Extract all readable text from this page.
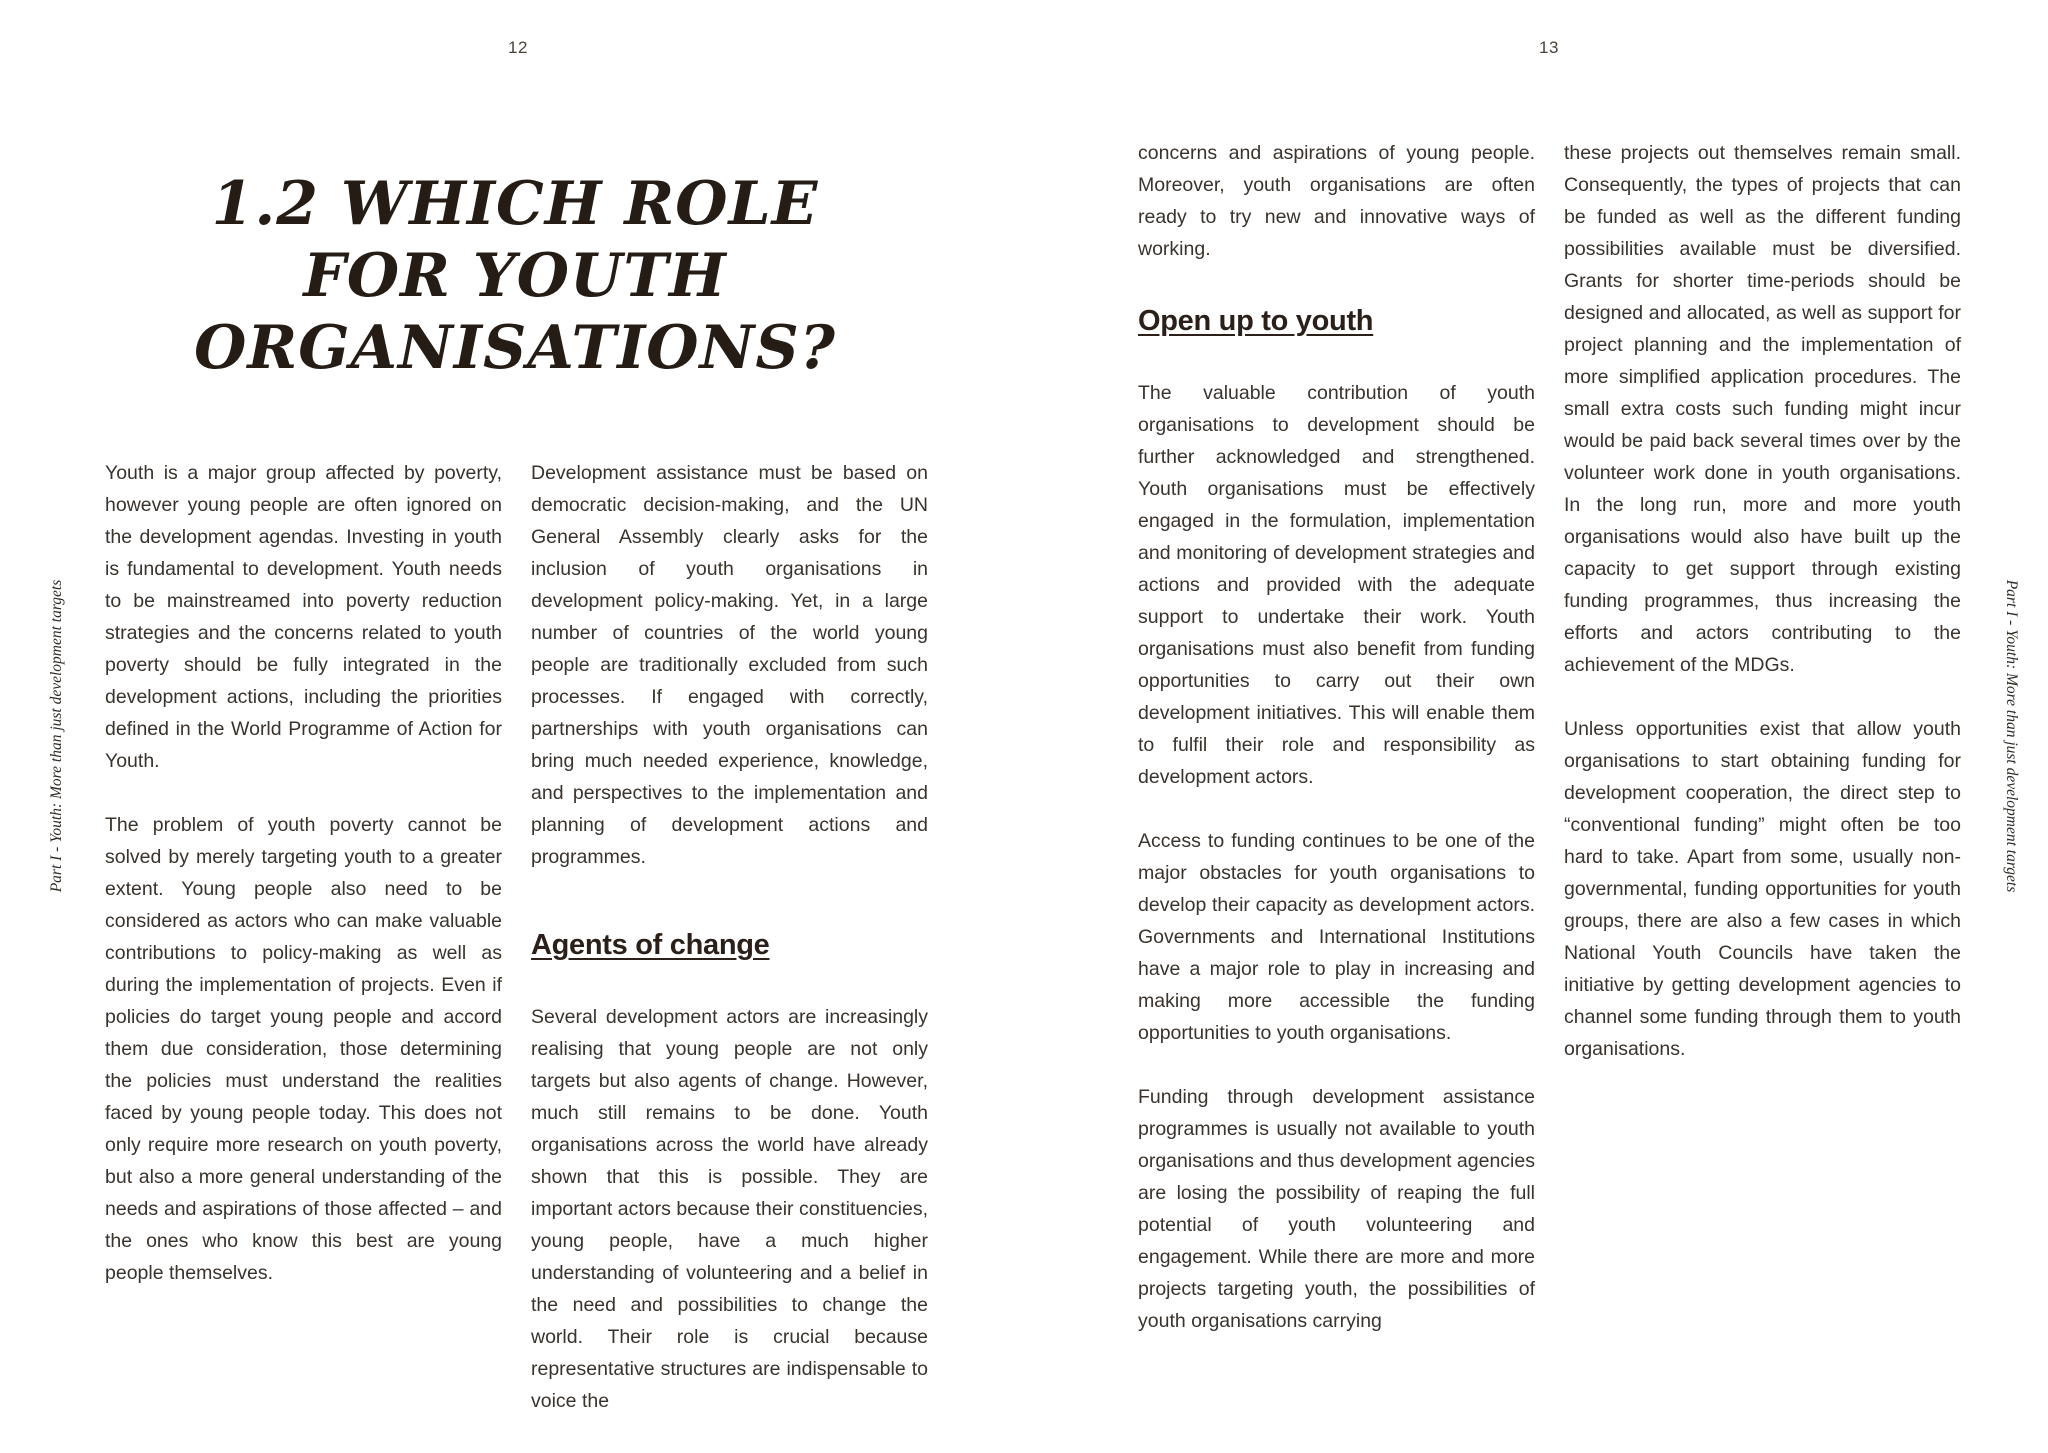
12
Part I - Youth: More than just development targets
1.2 WHICH ROLE FOR YOUTH ORGANISATIONS?

Youth is a major group affected by poverty, however young people are often ignored on the development agendas. Investing in youth is fundamental to development. Youth needs to be mainstreamed into poverty reduction strategies and the concerns related to youth poverty should be fully integrated in the development actions, including the priorities defined in the World Programme of Action for Youth.

The problem of youth poverty cannot be solved by merely targeting youth to a greater extent. Young people also need to be considered as actors who can make valuable contributions to policy-making as well as during the implementation of projects. Even if policies do target young people and accord them due consideration, those determining the policies must understand the realities faced by young people today. This does not only require more research on youth poverty, but also a more general understanding of the needs and aspirations of those affected – and the ones who know this best are young people themselves.

Development assistance must be based on democratic decision-making, and the UN General Assembly clearly asks for the inclusion of youth organisations in development policy-making. Yet, in a large number of countries of the world young people are traditionally excluded from such processes. If engaged with correctly, partnerships with youth organisations can bring much needed experience, knowledge, and perspectives to the implementation and planning of development actions and programmes.

Agents of change

Several development actors are increasingly realising that young people are not only targets but also agents of change. However, much still remains to be done. Youth organisations across the world have already shown that this is possible. They are important actors because their constituencies, young people, have a much higher understanding of volunteering and a belief in the need and possibilities to change the world. Their role is crucial because representative structures are indispensable to voice the

13
Part I - Youth: More than just development targets

concerns and aspirations of young people. Moreover, youth organisations are often ready to try new and innovative ways of working.

Open up to youth

The valuable contribution of youth organisations to development should be further acknowledged and strengthened. Youth organisations must be effectively engaged in the formulation, implementation and monitoring of development strategies and actions and provided with the adequate support to undertake their work. Youth organisations must also benefit from funding opportunities to carry out their own development initiatives. This will enable them to fulfil their role and responsibility as development actors.

Access to funding continues to be one of the major obstacles for youth organisations to develop their capacity as development actors. Governments and International Institutions have a major role to play in increasing and making more accessible the funding opportunities to youth organisations.

Funding through development assistance programmes is usually not available to youth organisations and thus development agencies are losing the possibility of reaping the full potential of youth volunteering and engagement. While there are more and more projects targeting youth, the possibilities of youth organisations carrying

these projects out themselves remain small. Consequently, the types of projects that can be funded as well as the different funding possibilities available must be diversified. Grants for shorter time-periods should be designed and allocated, as well as support for project planning and the implementation of more simplified application procedures. The small extra costs such funding might incur would be paid back several times over by the volunteer work done in youth organisations. In the long run, more and more youth organisations would also have built up the capacity to get support through existing funding programmes, thus increasing the efforts and actors contributing to the achievement of the MDGs.

Unless opportunities exist that allow youth organisations to start obtaining funding for development cooperation, the direct step to “conventional funding” might often be too hard to take. Apart from some, usually non-governmental, funding opportunities for youth groups, there are also a few cases in which National Youth Councils have taken the initiative by getting development agencies to channel some funding through them to youth organisations.
